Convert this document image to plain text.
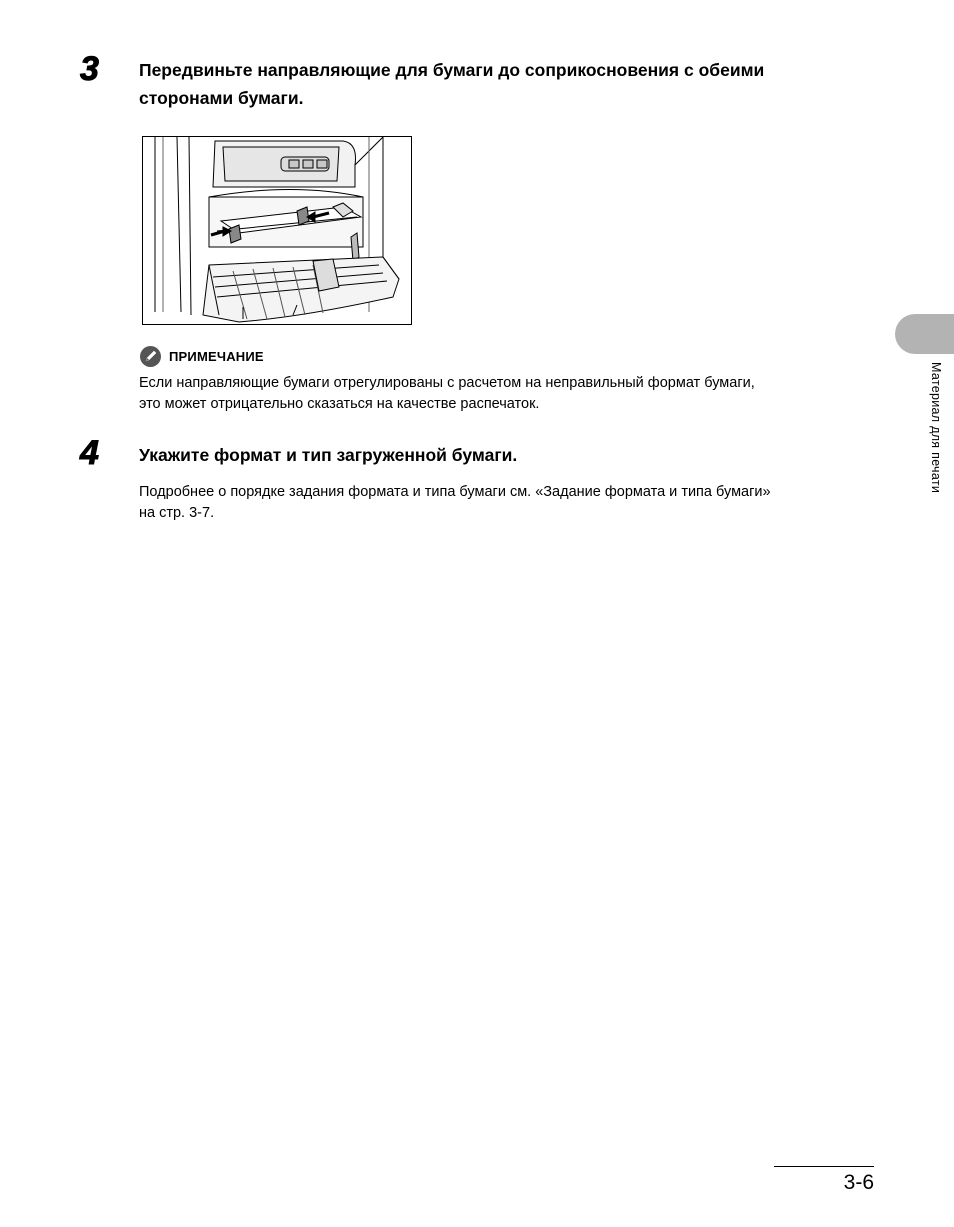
3	Передвиньте направляющие для бумаги до соприкосновения с обеими
сторонами бумаги.
ПРИМЕЧАНИЕ
Если направляющие бумаги отрегулированы с расчетом на неправильный формат бумаги,
это может отрицательно сказаться на качестве распечаток.
4	Укажите формат и тип загруженной бумаги.
Подробнее о порядке задания формата и типа бумаги см. «Задание формата и типа бумаги»
на стр. 3-7.
Материал для печати
3-6
